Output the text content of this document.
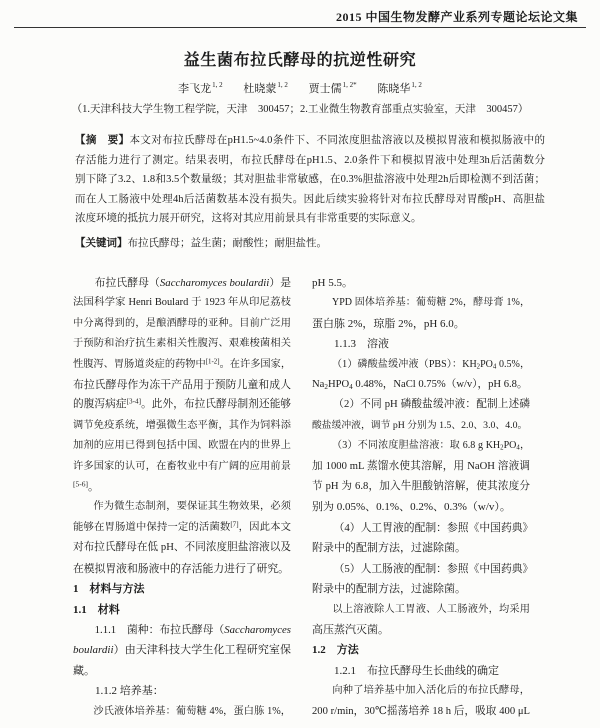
2015 中国生物发酵产业系列专题论坛论文集
益生菌布拉氏酵母的抗逆性研究
李飞龙$^{1, 2}$ 杜晓蒙$^{1, 2}$ 贾士儒$^{1, 2*}$ 陈晓华$^{1, 2}$
（1.天津科技大学生物工程学院，天津　300457；2.工业微生物教育部重点实验室，天津　300457）
【摘　要】本文对布拉氏酵母在pH1.5~4.0条件下、不同浓度胆盐溶液以及模拟胃液和模拟肠液中的
存活能力进行了测定。结果表明，布拉氏酵母在pH1.5、2.0条件下和模拟胃液中处理3h后活菌数分
别下降了3.2、1.8和3.5个数量级；其对胆盐非常敏感，在0.3%胆盐溶液中处理2h后即检测不到活菌；
而在人工肠液中处理4h后活菌数基本没有损失。因此后续实验将针对布拉氏酵母对胃酸pH、高胆盐
浓度环境的抵抗力展开研究，这将对其应用前景具有非常重要的实际意义。
【关键词】布拉氏酵母；益生菌；耐酸性；耐胆盐性。
布拉氏酵母（Saccharomyces boulardii）是
法国科学家 Henri Boulard 于 1923 年从印尼荔枝
中分离得到的，是酿酒酵母的亚种。目前广泛用
于预防和治疗抗生素相关性腹泻、艰难梭菌相关
性腹泻、胃肠道炎症的药物中[1-2]。在许多国家，
布拉氏酵母作为冻干产品用于预防儿童和成人
的腹泻病症[3-4]。此外，布拉氏酵母制剂还能够
调节免疫系统，增强微生态平衡，其作为饲料添
加剂的应用已得到包括中国、欧盟在内的世界上
许多国家的认可，在畜牧业中有广阔的应用前景
[5-6]。
作为微生态制剂，要保证其生物效果，必须
能够在胃肠道中保持一定的活菌数[7]，因此本文
对布拉氏酵母在低 pH、不同浓度胆盐溶液以及
在模拟胃液和肠液中的存活能力进行了研究。
1　材料与方法
1.1　材料
1.1.1　菌种：布拉氏酵母（Saccharomyces
boulardii）由天津科技大学生化工程研究室保
藏。
1.1.2 培养基：
沙氏液体培养基：葡萄糖 4%，蛋白胨 1%，
pH 5.5。
YPD 固体培养基：葡萄糖 2%，酵母膏 1%，
蛋白胨 2%，琼脂 2%，pH 6.0。
1.1.3　溶液
（1）磷酸盐缓冲液（PBS）：KH2PO4 0.5%，
Na2HPO4 0.48%，NaCl 0.75%（w/v），pH 6.8。
（2）不同 pH 磷酸盐缓冲液：配制上述磷
酸盐缓冲液，调节 pH 分别为 1.5、2.0、3.0、4.0。
（3）不同浓度胆盐溶液：取 6.8 g KH2PO4，
加 1000 mL 蒸馏水使其溶解，用 NaOH 溶液调
节 pH 为 6.8，加入牛胆酸钠溶解，使其浓度分
别为 0.05%、0.1%、0.2%、0.3%（w/v）。
（4）人工胃液的配制：参照《中国药典》
附录中的配制方法，过滤除菌。
（5）人工肠液的配制：参照《中国药典》
附录中的配制方法，过滤除菌。
以上溶液除人工胃液、人工肠液外，均采用
高压蒸汽灭菌。
1.2　方法
1.2.1　布拉氏酵母生长曲线的确定
向种了培养基中加入活化后的布拉氏酵母，
200 r/min，30℃摇荡培养 18 h 后，吸取 400 μL
